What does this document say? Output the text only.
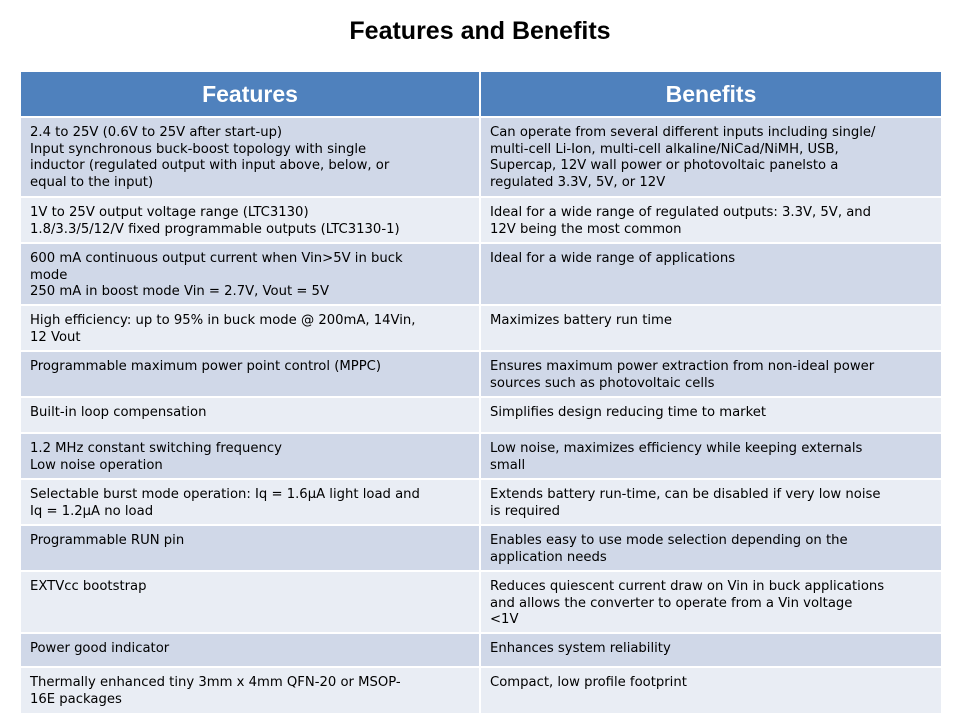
Features and Benefits
Features	Benefits

2.4 to 25V (0.6V to 25V after start-up)
Input synchronous buck-boost topology with single
inductor (regulated output with input above, below, or
equal to the input)	Can operate from several different inputs including single/
multi-cell Li-Ion, multi-cell alkaline/NiCad/NiMH, USB,
Supercap, 12V wall power or photovoltaic panelsto a
regulated 3.3V, 5V, or 12V

1V to 25V output voltage range (LTC3130)
1.8/3.3/5/12/V fixed programmable outputs (LTC3130-1)	Ideal for a wide range of regulated outputs: 3.3V, 5V, and
12V being the most common

600 mA continuous output current when Vin>5V in buck
mode
250 mA in boost mode Vin = 2.7V, Vout = 5V	Ideal for a wide range of applications

High efficiency: up to 95% in buck mode @ 200mA, 14Vin,
12 Vout	Maximizes battery run time

Programmable maximum power point control (MPPC)	Ensures maximum power extraction from non-ideal power
sources such as photovoltaic cells

Built-in loop compensation	Simplifies design reducing time to market

1.2 MHz constant switching frequency
Low noise operation	Low noise, maximizes efficiency while keeping externals
small

Selectable burst mode operation: Iq = 1.6µA light load and
Iq = 1.2µA no load	Extends battery run-time, can be disabled if very low noise
is required

Programmable RUN pin	Enables easy to use mode selection depending on the
application needs

EXTVcc bootstrap	Reduces quiescent current draw on Vin in buck applications
and allows the converter to operate from a Vin voltage
<1V

Power good indicator	Enhances system reliability

Thermally enhanced tiny 3mm x 4mm QFN-20 or MSOP-
16E packages	Compact, low profile footprint
